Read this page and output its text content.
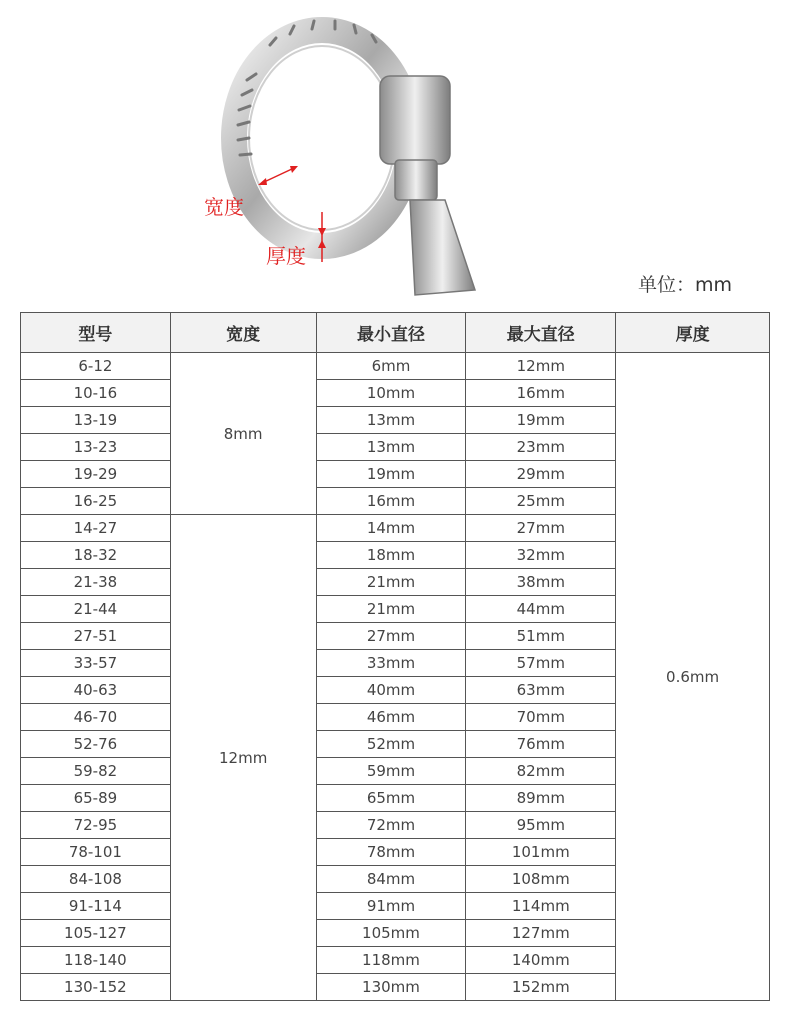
宽度
厚度
单位：mm
型号	宽度	最小直径	最大直径	厚度
6-12	8mm	6mm	12mm	0.6mm
10-16		10mm	16mm	
13-19		13mm	19mm	
13-23		13mm	23mm	
19-29		19mm	29mm	
16-25		16mm	25mm	
14-27	12mm	14mm	27mm	
18-32		18mm	32mm	
21-38		21mm	38mm	
21-44		21mm	44mm	
27-51		27mm	51mm	
33-57		33mm	57mm	
40-63		40mm	63mm	
46-70		46mm	70mm	
52-76		52mm	76mm	
59-82		59mm	82mm	
65-89		65mm	89mm	
72-95		72mm	95mm	
78-101		78mm	101mm	
84-108		84mm	108mm	
91-114		91mm	114mm	
105-127		105mm	127mm	
118-140		118mm	140mm	
130-152		130mm	152mm	
